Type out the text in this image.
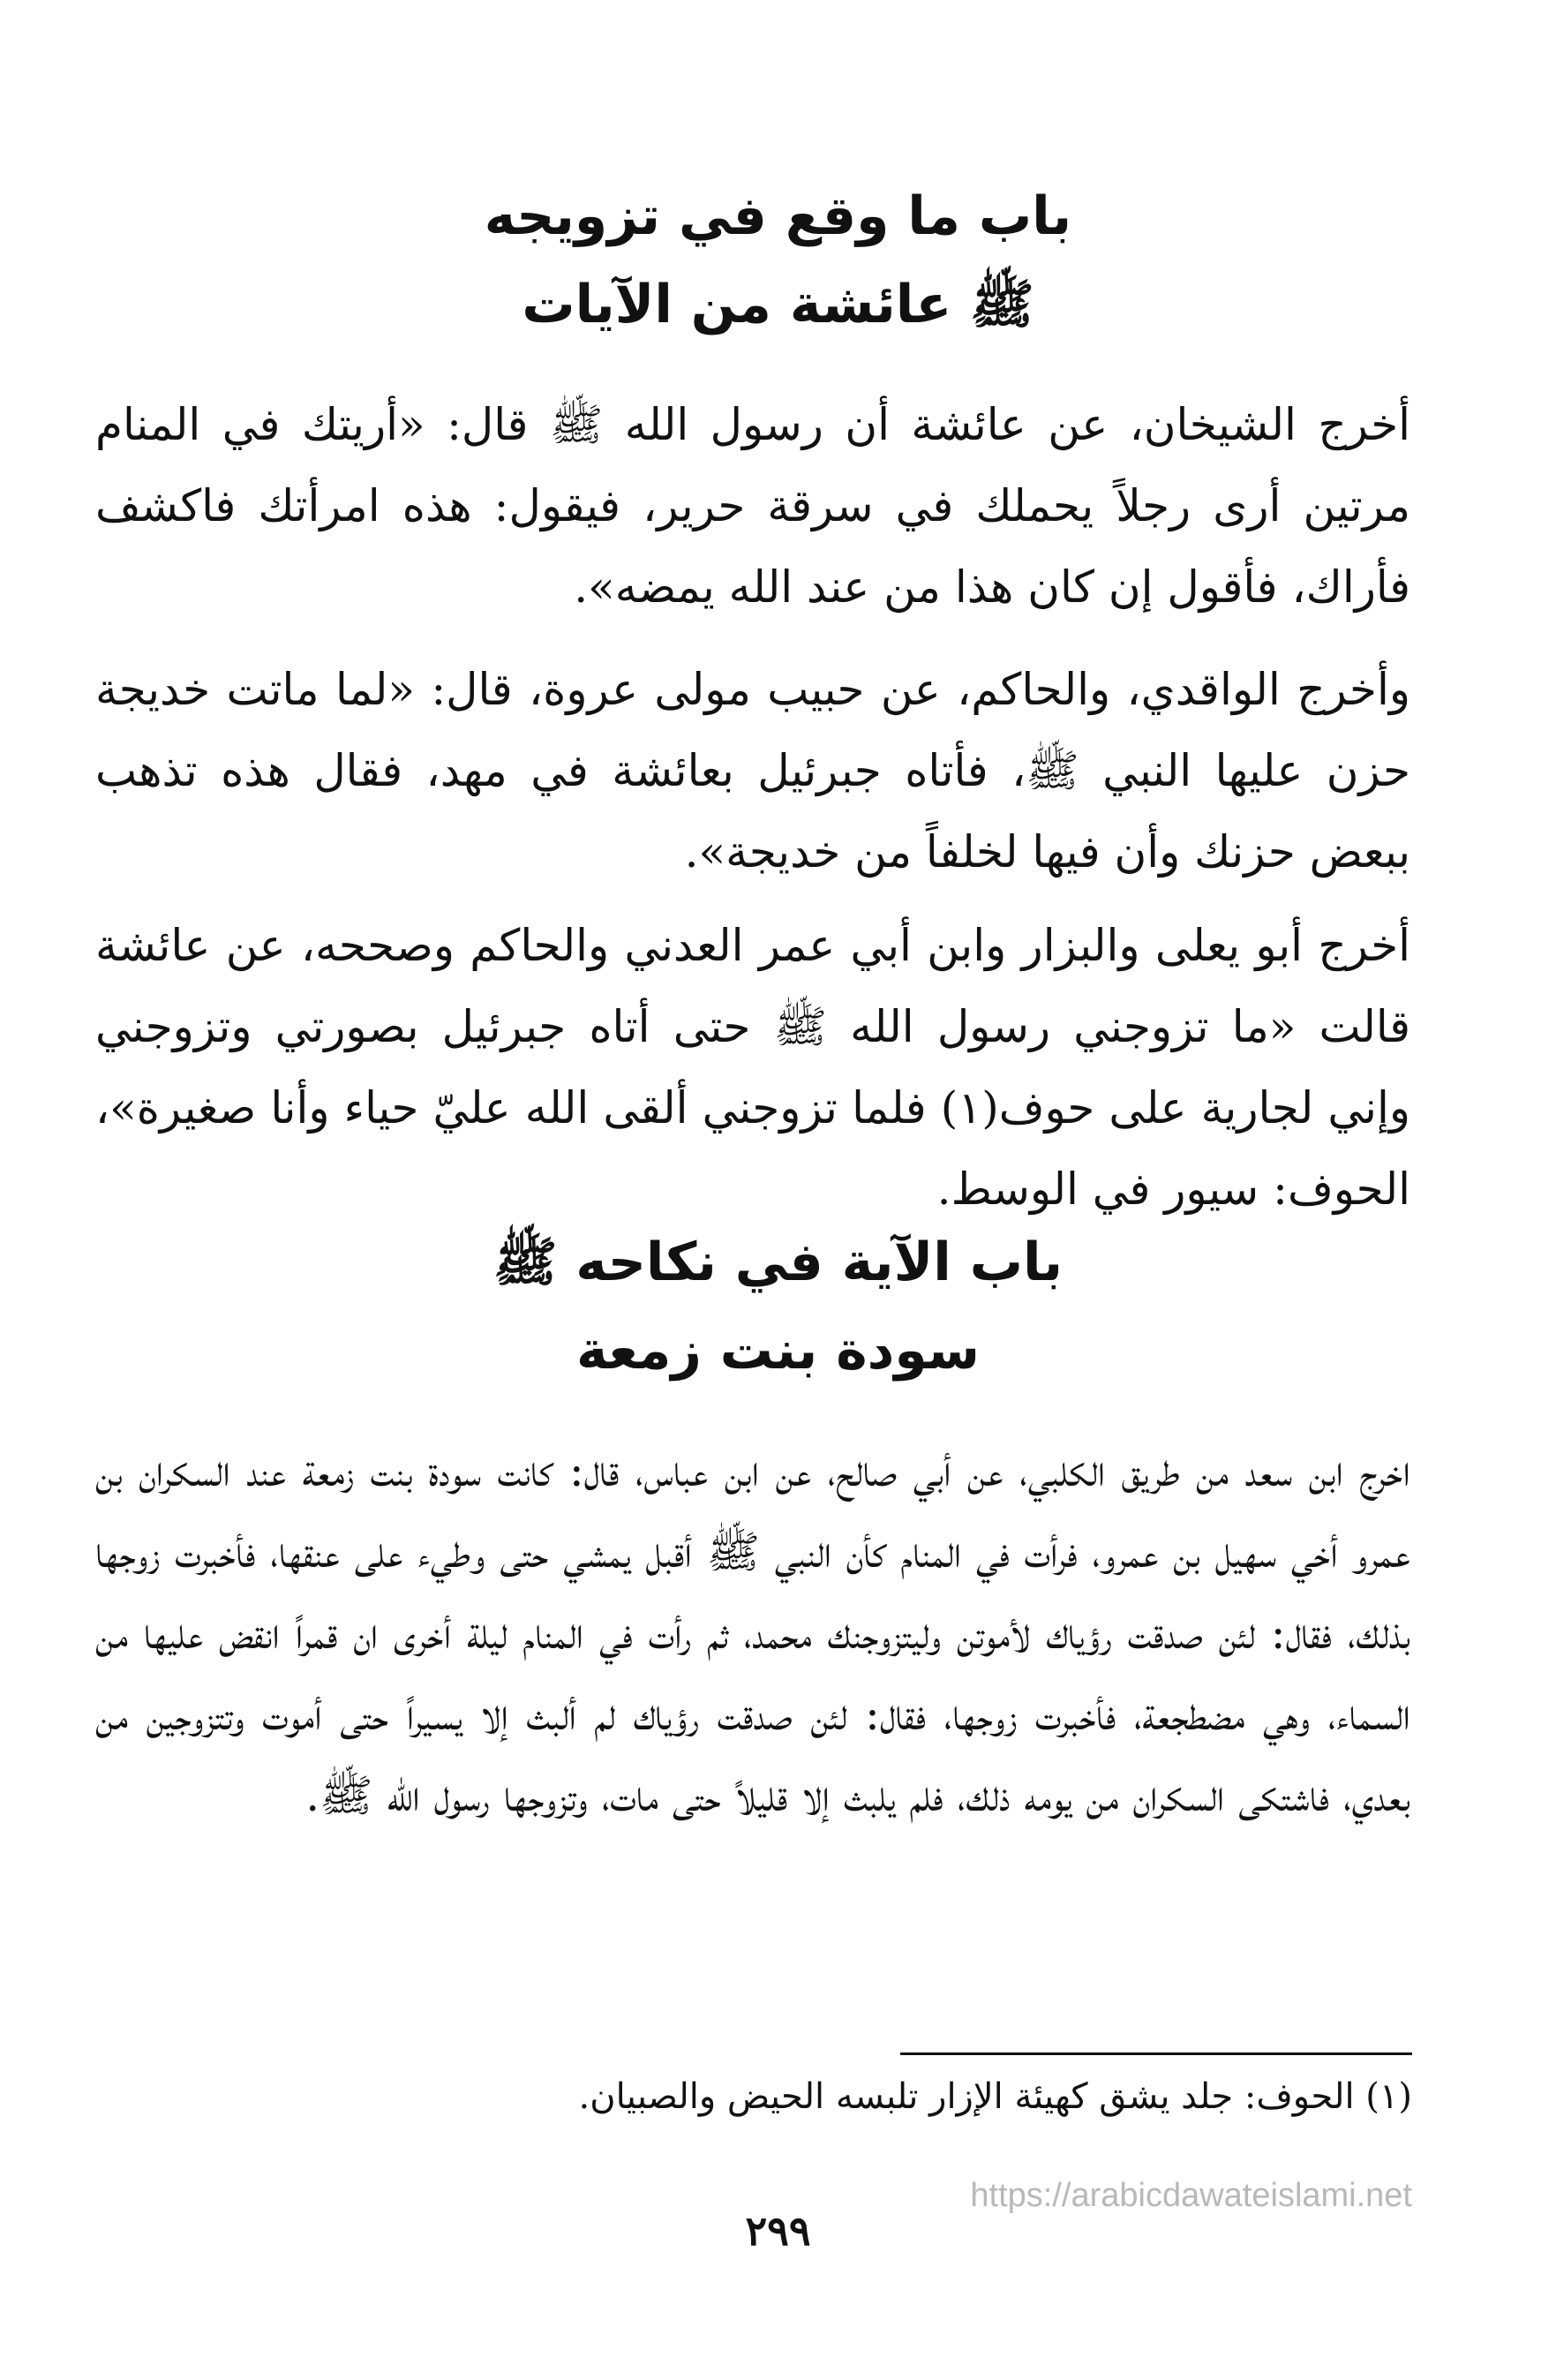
باب ما وقع في تزويجه
ﷺ عائشة من الآيات

أخرج الشيخان، عن عائشة أن رسول الله ﷺ قال: «أريتك في المنام مرتين أرى رجلاً يحملك في سرقة حرير، فيقول: هذه امرأتك فاكشف فأراك، فأقول إن كان هذا من عند الله يمضه».

وأخرج الواقدي، والحاكم، عن حبيب مولى عروة، قال: «لما ماتت خديجة حزن عليها النبي ﷺ، فأتاه جبرئيل بعائشة في مهد، فقال هذه تذهب ببعض حزنك وأن فيها لخلفاً من خديجة».

أخرج أبو يعلى والبزار وابن أبي عمر العدني والحاكم وصححه، عن عائشة قالت «ما تزوجني رسول الله ﷺ حتى أتاه جبرئيل بصورتي وتزوجني وإني لجارية على حوف(١) فلما تزوجني ألقى الله عليّ حياء وأنا صغيرة»، الحوف: سيور في الوسط.

باب الآية في نكاحه ﷺ
سودة بنت زمعة

اخرج ابن سعد من طريق الكلبي، عن أبي صالح، عن ابن عباس، قال: كانت سودة بنت زمعة عند السكران بن عمرو أخي سهيل بن عمرو، فرأت في المنام كأن النبي ﷺ أقبل يمشي حتى وطيء على عنقها، فأخبرت زوجها بذلك، فقال: لئن صدقت رؤياك لأموتن وليتزوجنك محمد، ثم رأت في المنام ليلة أخرى ان قمراً انقض عليها من السماء، وهي مضطجعة، فأخبرت زوجها، فقال: لئن صدقت رؤياك لم ألبث إلا يسيراً حتى أموت وتتزوجين من بعدي، فاشتكى السكران من يومه ذلك، فلم يلبث إلا قليلاً حتى مات، وتزوجها رسول الله ﷺ.

(١) الحوف: جلد يشق كهيئة الإزار تلبسه الحيض والصبيان.
https://arabicdawateislami.net
٢٩٩
